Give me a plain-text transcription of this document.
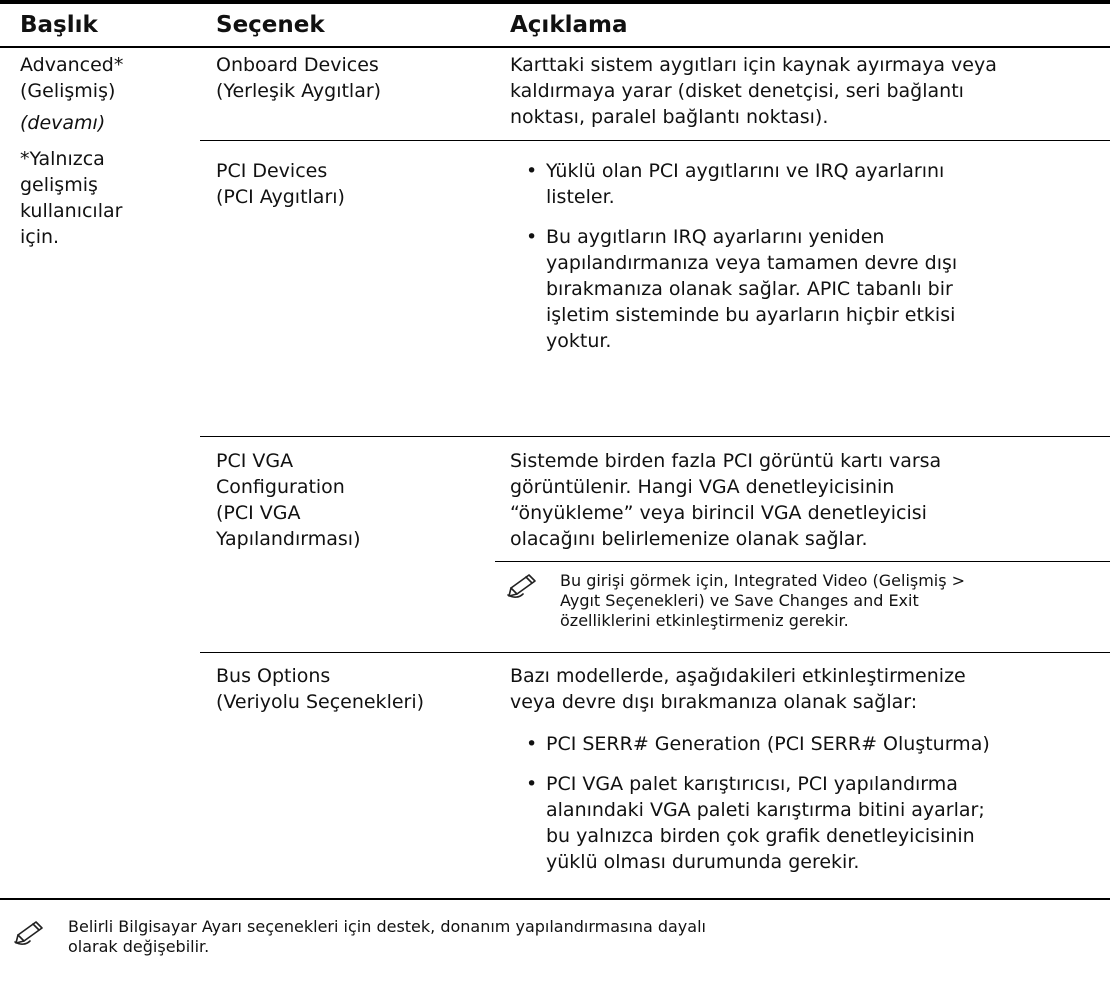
Başlık	Seçenek	Açıklama
Advanced*
(Gelişmiş)
(devamı)
*Yalnızca
gelişmiş
kullanıcılar
için.
Onboard Devices
(Yerleşik Aygıtlar)
Karttaki sistem aygıtları için kaynak ayırmaya veya
kaldırmaya yarar (disket denetçisi, seri bağlantı
noktası, paralel bağlantı noktası).
PCI Devices
(PCI Aygıtları)
• Yüklü olan PCI aygıtlarını ve IRQ ayarlarını
listeler.
• Bu aygıtların IRQ ayarlarını yeniden
yapılandırmanıza veya tamamen devre dışı
bırakmanıza olanak sağlar. APIC tabanlı bir
işletim sisteminde bu ayarların hiçbir etkisi
yoktur.
PCI VGA
Configuration
(PCI VGA
Yapılandırması)
Sistemde birden fazla PCI görüntü kartı varsa
görüntülenir. Hangi VGA denetleyicisinin
“önyükleme” veya birincil VGA denetleyicisi
olacağını belirlemenize olanak sağlar.
Bu girişi görmek için, Integrated Video (Gelişmiş >
Aygıt Seçenekleri) ve Save Changes and Exit
özelliklerini etkinleştirmeniz gerekir.
Bus Options
(Veriyolu Seçenekleri)
Bazı modellerde, aşağıdakileri etkinleştirmenize
veya devre dışı bırakmanıza olanak sağlar:
• PCI SERR# Generation (PCI SERR# Oluşturma)
• PCI VGA palet karıştırıcısı, PCI yapılandırma
alanındaki VGA paleti karıştırma bitini ayarlar;
bu yalnızca birden çok grafik denetleyicisinin
yüklü olması durumunda gerekir.
Belirli Bilgisayar Ayarı seçenekleri için destek, donanım yapılandırmasına dayalı
olarak değişebilir.
